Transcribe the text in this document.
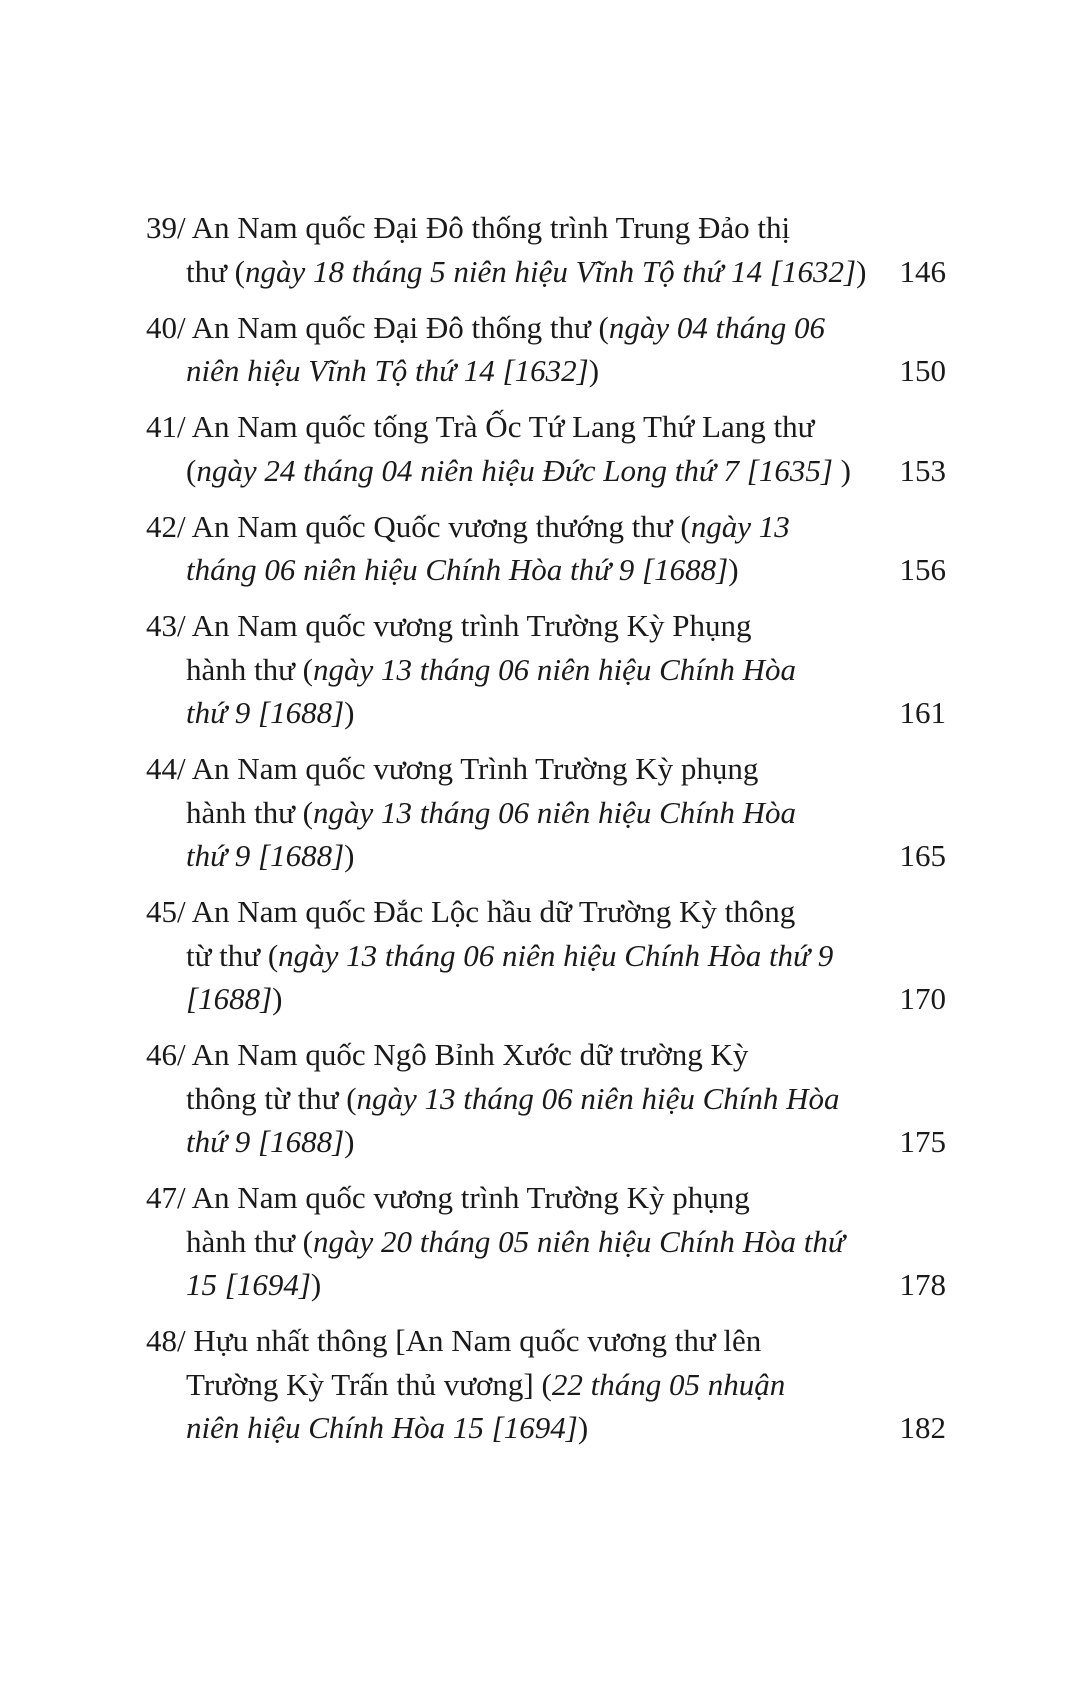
39/ An Nam quốc Đại Đô thống trình Trung Đảo thị
thư (ngày 18 tháng 5 niên hiệu Vĩnh Tộ thứ 14 [1632])	146
40/ An Nam quốc Đại Đô thống thư (ngày 04 tháng 06
niên hiệu Vĩnh Tộ thứ 14 [1632])	150
41/ An Nam quốc tống Trà Ốc Tứ Lang Thứ Lang thư
(ngày 24 tháng 04 niên hiệu Đức Long thứ 7 [1635] )	153
42/ An Nam quốc Quốc vương thướng thư (ngày 13
tháng 06 niên hiệu Chính Hòa thứ 9 [1688])	156
43/ An Nam quốc vương trình Trường Kỳ Phụng
hành thư (ngày 13 tháng 06 niên hiệu Chính Hòa
thứ 9 [1688])	161
44/ An Nam quốc vương Trình Trường Kỳ phụng
hành thư (ngày 13 tháng 06 niên hiệu Chính Hòa
thứ 9 [1688])	165
45/ An Nam quốc Đắc Lộc hầu dữ Trường Kỳ thông
từ thư (ngày 13 tháng 06 niên hiệu Chính Hòa thứ 9
[1688])	170
46/ An Nam quốc Ngô Bỉnh Xước dữ trường Kỳ
thông từ thư (ngày 13 tháng 06 niên hiệu Chính Hòa
thứ 9 [1688])	175
47/ An Nam quốc vương trình Trường Kỳ phụng
hành thư (ngày 20 tháng 05 niên hiệu Chính Hòa thứ
15 [1694])	178
48/ Hựu nhất thông [An Nam quốc vương thư lên
Trường Kỳ Trấn thủ vương] (22 tháng 05 nhuận
niên hiệu Chính Hòa 15 [1694])	182
